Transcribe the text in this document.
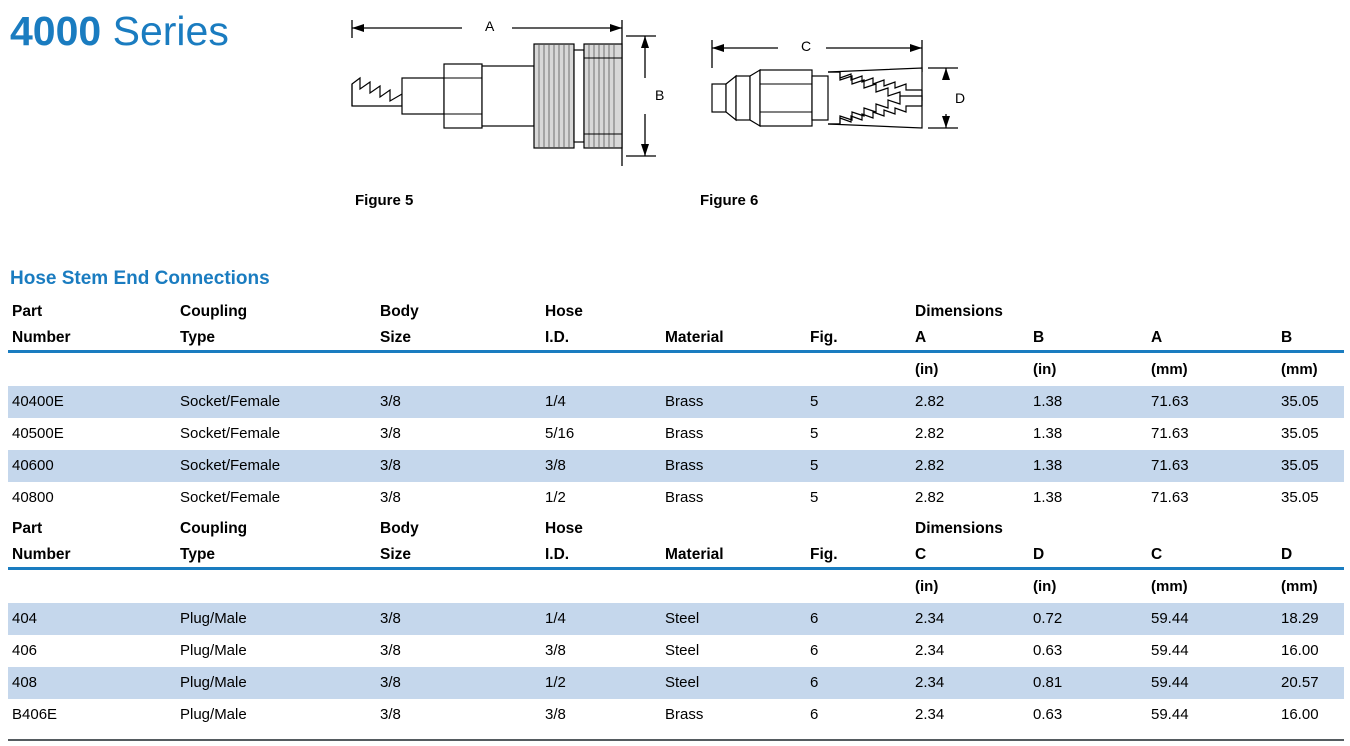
4000 Series	A
B
Figure 5
C
D
Figure 6
Hose Stem End Connections
Part	Coupling	Body	Hose			Dimensions			
Number	Type	Size	I.D.	Material	Fig.	A	B	A	B

						(in)	(in)	(mm)	(mm)
40400E	Socket/Female	3/8	1/4	Brass	5	2.82	1.38	71.63	35.05
40500E	Socket/Female	3/8	5/16	Brass	5	2.82	1.38	71.63	35.05
40600	Socket/Female	3/8	3/8	Brass	5	2.82	1.38	71.63	35.05
40800	Socket/Female	3/8	1/2	Brass	5	2.82	1.38	71.63	35.05
Part	Coupling	Body	Hose			Dimensions			
Number	Type	Size	I.D.	Material	Fig.	C	D	C	D

						(in)	(in)	(mm)	(mm)
404	Plug/Male	3/8	1/4	Steel	6	2.34	0.72	59.44	18.29
406	Plug/Male	3/8	3/8	Steel	6	2.34	0.63	59.44	16.00
408	Plug/Male	3/8	1/2	Steel	6	2.34	0.81	59.44	20.57
B406E	Plug/Male	3/8	3/8	Brass	6	2.34	0.63	59.44	16.00
